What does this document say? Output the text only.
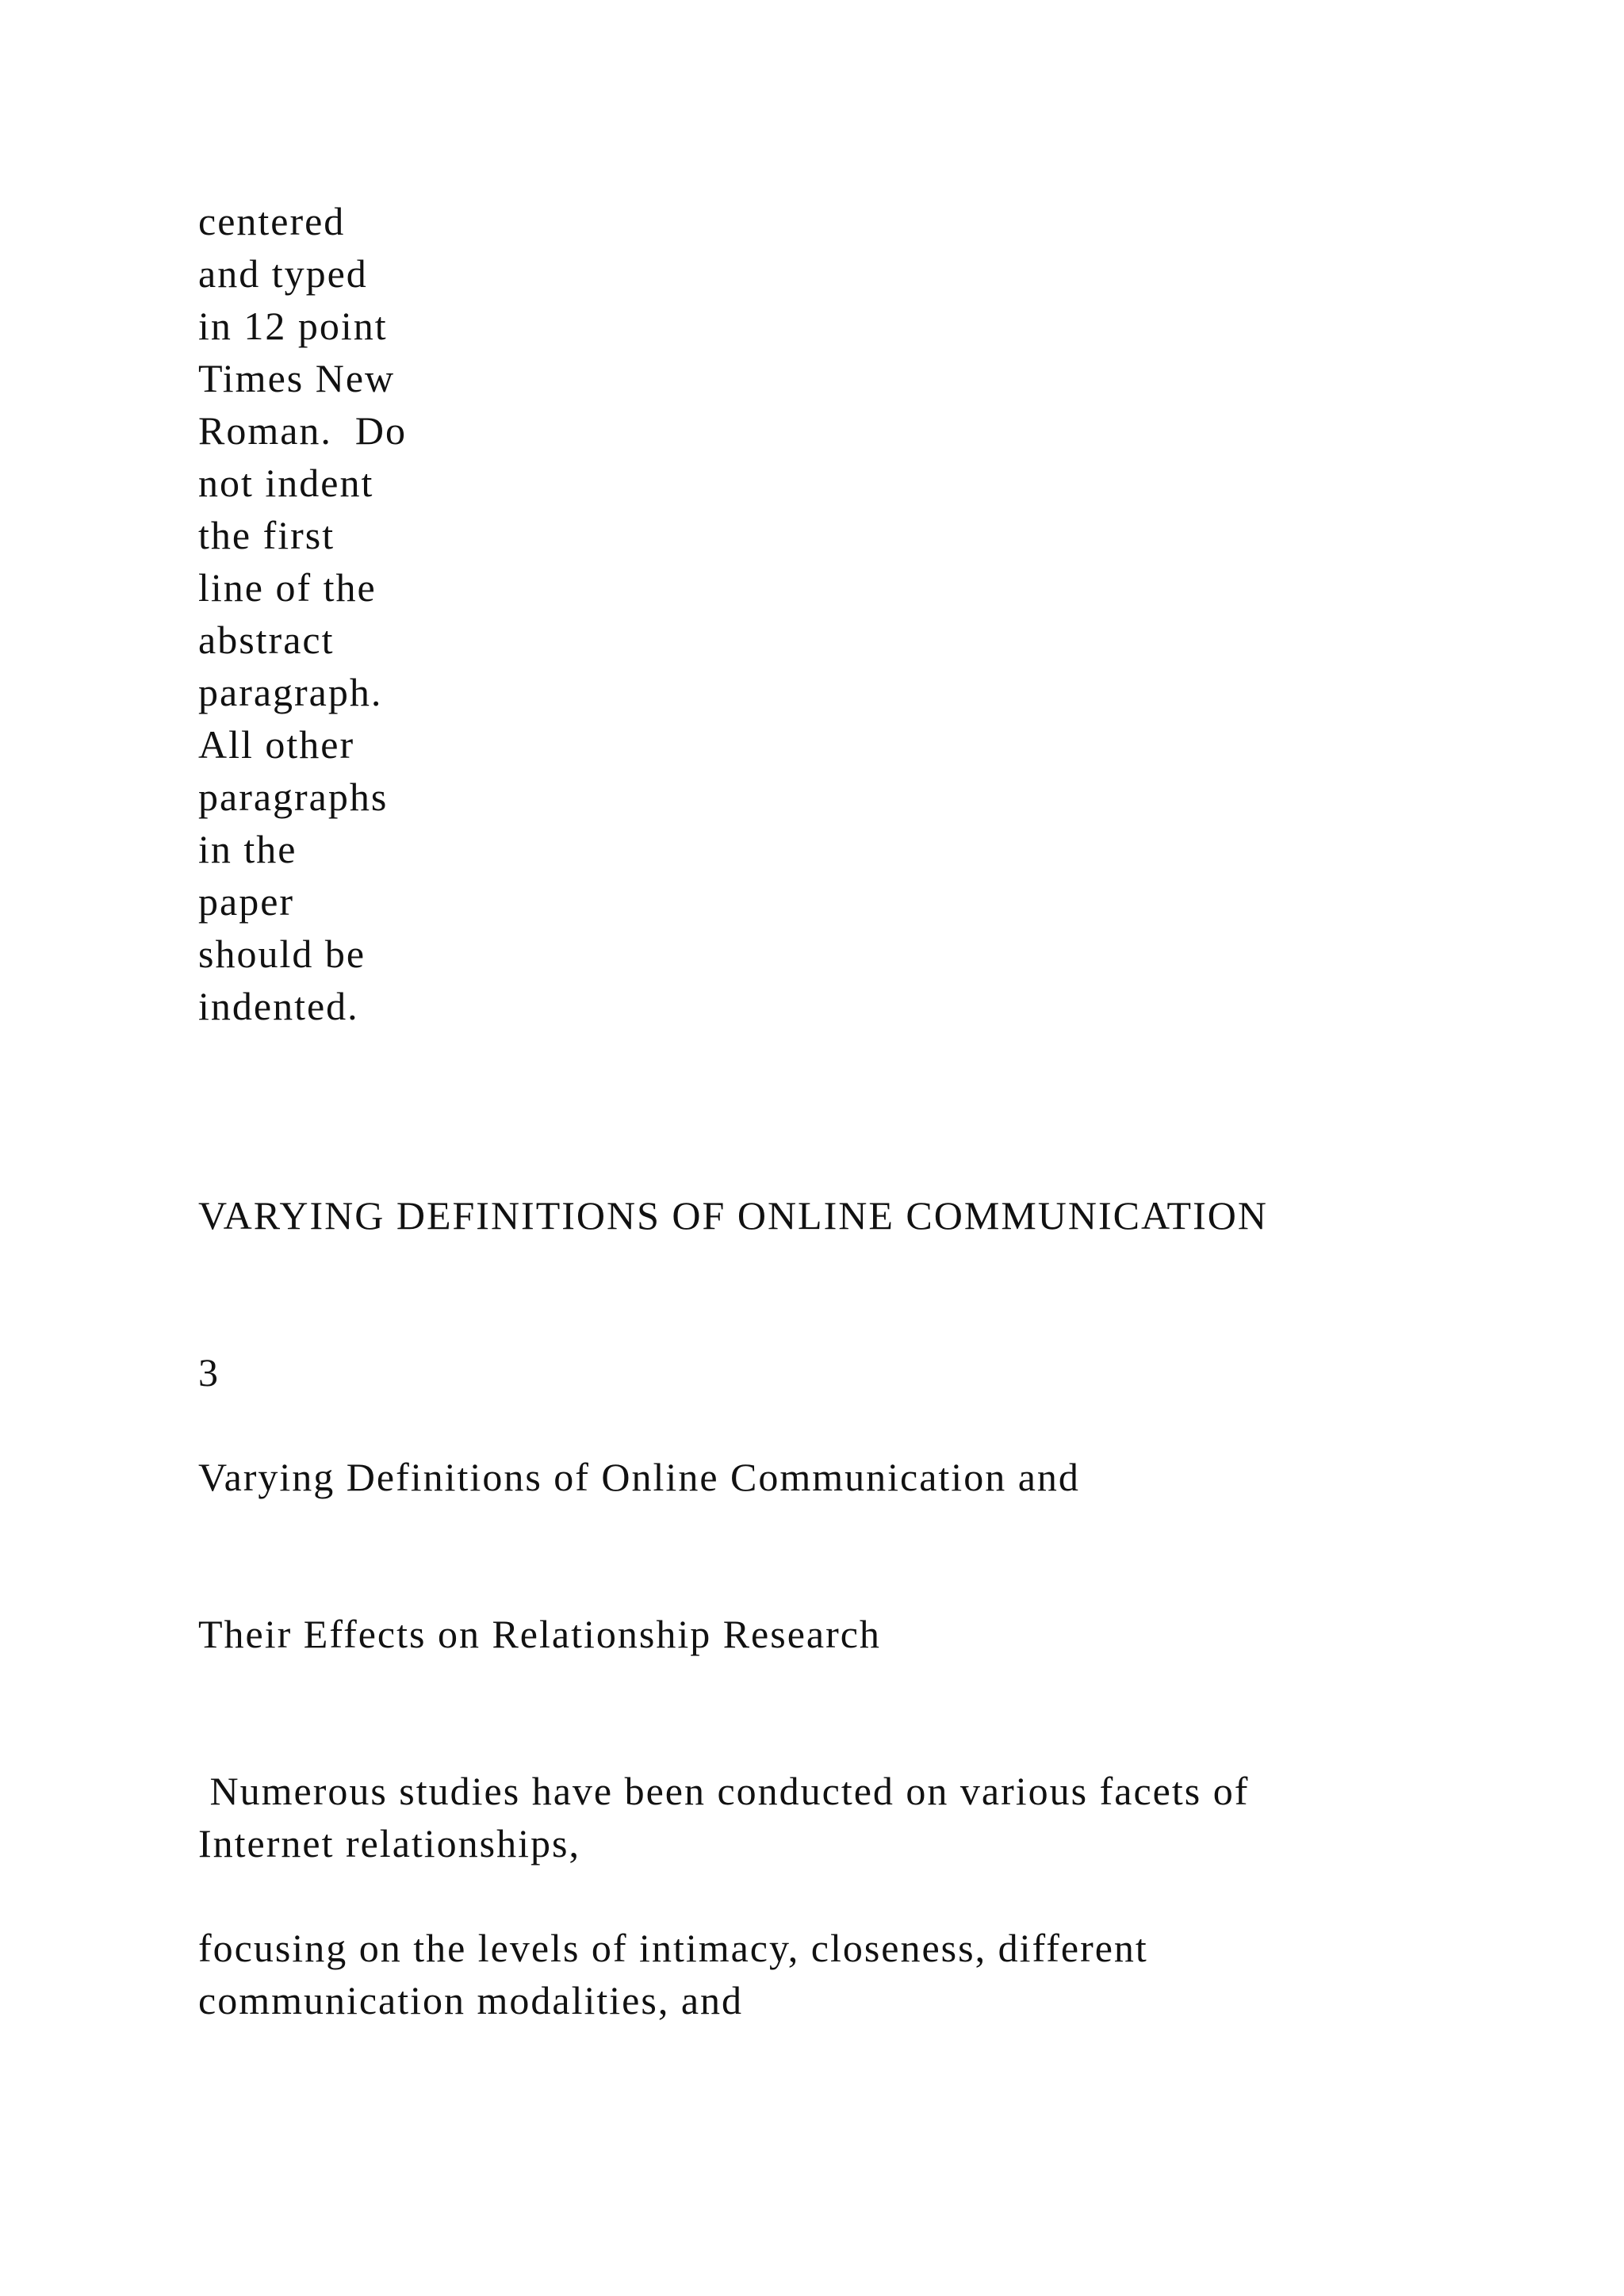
centered
and typed
in 12 point
Times New
Roman.  Do
not indent
the first
line of the
abstract
paragraph.
All other
paragraphs
in the
paper
should be
indented.

VARYING DEFINITIONS OF ONLINE COMMUNICATION

3

Varying Definitions of Online Communication and

Their Effects on Relationship Research

Numerous studies have been conducted on various facets of
Internet relationships,

focusing on the levels of intimacy, closeness, different
communication modalities, and
